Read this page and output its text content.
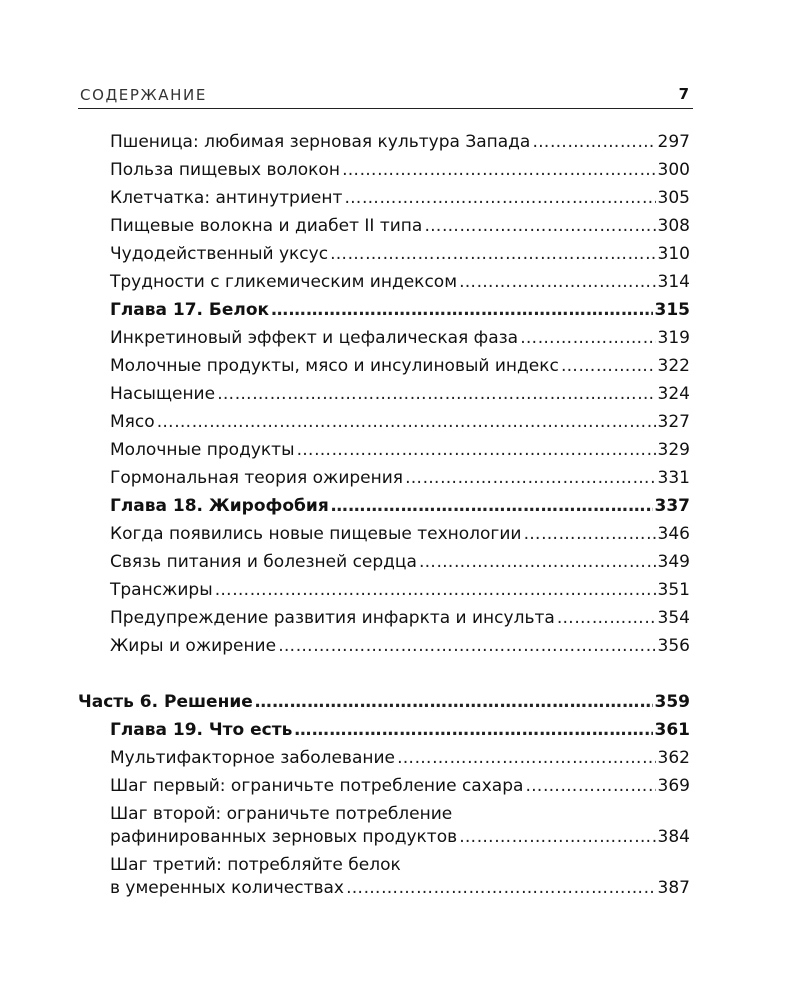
СОДЕРЖАНИЕ	7
Пшеница: любимая зерновая культура Запада …………………………………………………………………………………………………………………………………………………………………………………	297
Польза пищевых волокон …………………………………………………………………………………………………………………………………………………………………………………	300
Клетчатка: антинутриент …………………………………………………………………………………………………………………………………………………………………………………	305
Пищевые волокна и диабет II типа …………………………………………………………………………………………………………………………………………………………………………………	308
Чудодейственный уксус …………………………………………………………………………………………………………………………………………………………………………………	310
Трудности с гликемическим индексом …………………………………………………………………………………………………………………………………………………………………………………	314
Глава 17. Белок …………………………………………………………………………………………………………………………………………………………………………………	315
Инкретиновый эффект и цефалическая фаза …………………………………………………………………………………………………………………………………………………………………………………	319
Молочные продукты, мясо и инсулиновый индекс …………………………………………………………………………………………………………………………………………………………………………………	322
Насыщение …………………………………………………………………………………………………………………………………………………………………………………	324
Мясо …………………………………………………………………………………………………………………………………………………………………………………	327
Молочные продукты …………………………………………………………………………………………………………………………………………………………………………………	329
Гормональная теория ожирения …………………………………………………………………………………………………………………………………………………………………………………	331
Глава 18. Жирофобия …………………………………………………………………………………………………………………………………………………………………………………	337
Когда появились новые пищевые технологии …………………………………………………………………………………………………………………………………………………………………………………	346
Связь питания и болезней сердца …………………………………………………………………………………………………………………………………………………………………………………	349
Трансжиры …………………………………………………………………………………………………………………………………………………………………………………	351
Предупреждение развития инфаркта и инсульта …………………………………………………………………………………………………………………………………………………………………………………	354
Жиры и ожирение …………………………………………………………………………………………………………………………………………………………………………………	356
Часть 6. Решение …………………………………………………………………………………………………………………………………………………………………………………	359
Глава 19. Что есть …………………………………………………………………………………………………………………………………………………………………………………	361
Мультифакторное заболевание …………………………………………………………………………………………………………………………………………………………………………………	362
Шаг первый: ограничьте потребление сахара …………………………………………………………………………………………………………………………………………………………………………………	369
Шаг второй: ограничьте потребление
рафинированных зерновых продуктов …………………………………………………………………………………………………………………………………………………………………………………	384
Шаг третий: потребляйте белок
в умеренных количествах …………………………………………………………………………………………………………………………………………………………………………………	387
